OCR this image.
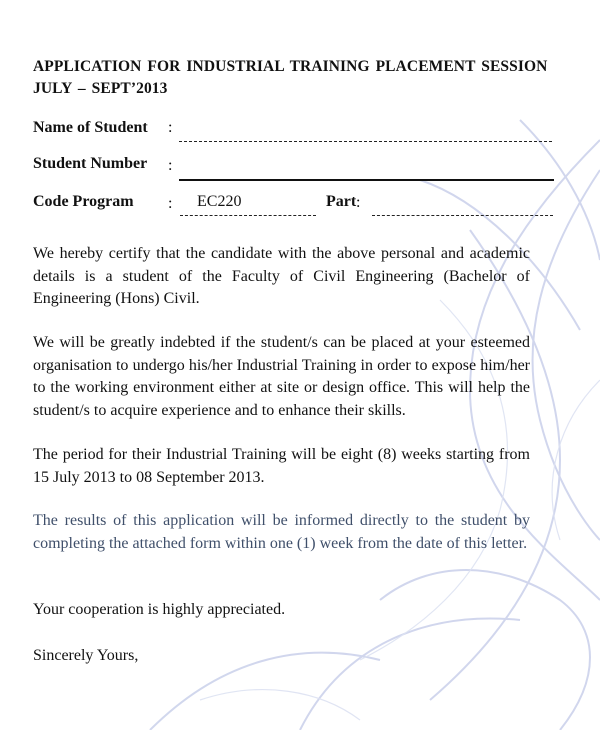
APPLICATION FOR INDUSTRIAL TRAINING PLACEMENT SESSION JULY – SEPT’2013
Name of Student :
Student Number :
Code Program : EC220	Part :
We hereby certify that the candidate with the above personal and academic details is a student of the Faculty of Civil Engineering (Bachelor of Engineering (Hons) Civil.
We will be greatly indebted if the student/s can be placed at your esteemed organisation to undergo his/her Industrial Training in order to expose him/her to the working environment either at site or design office. This will help the student/s to acquire experience and to enhance their skills.
The period for their Industrial Training will be eight (8) weeks starting from 15 July 2013 to 08 September 2013.
The results of this application will be informed directly to the student by completing the attached form within one (1) week from the date of this letter.
Your cooperation is highly appreciated.
Sincerely Yours,
